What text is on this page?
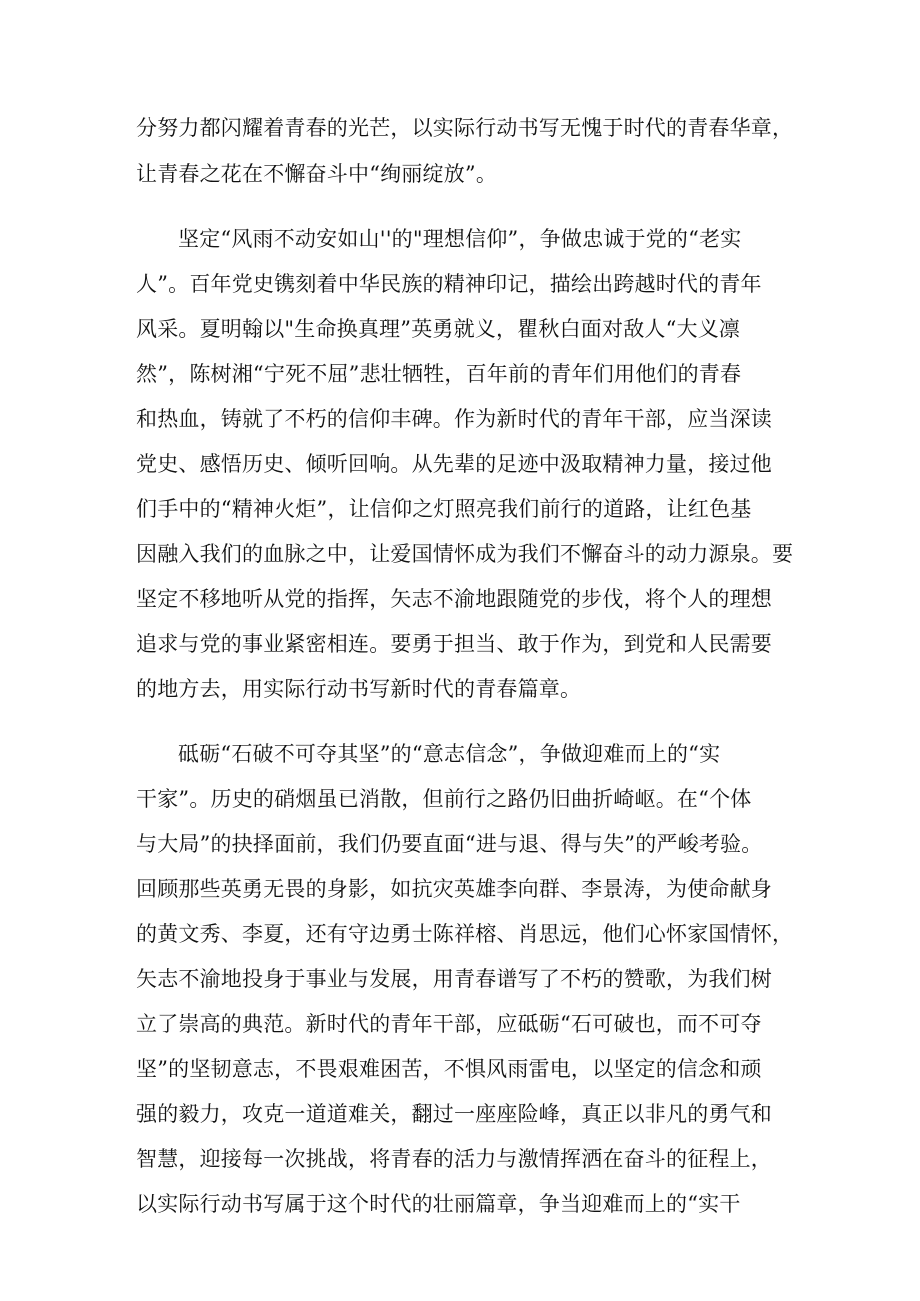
分努力都闪耀着青春的光芒，以实际行动书写无愧于时代的青春华章，
让青春之花在不懈奋斗中“绚丽绽放”。
坚定“风雨不动安如山''的"理想信仰”，争做忠诚于党的“老实
人”。百年党史镌刻着中华民族的精神印记，描绘出跨越时代的青年
风采。夏明翰以"生命换真理”英勇就义，瞿秋白面对敌人“大义凛
然”，陈树湘“宁死不屈”悲壮牺牲，百年前的青年们用他们的青春
和热血，铸就了不朽的信仰丰碑。作为新时代的青年干部，应当深读
党史、感悟历史、倾听回响。从先辈的足迹中汲取精神力量，接过他
们手中的“精神火炬”，让信仰之灯照亮我们前行的道路，让红色基
因融入我们的血脉之中，让爱国情怀成为我们不懈奋斗的动力源泉。要
坚定不移地听从党的指挥，矢志不渝地跟随党的步伐，将个人的理想
追求与党的事业紧密相连。要勇于担当、敢于作为，到党和人民需要
的地方去，用实际行动书写新时代的青春篇章。
砥砺“石破不可夺其坚”的“意志信念”，争做迎难而上的“实
干家”。历史的硝烟虽已消散，但前行之路仍旧曲折崎岖。在“个体
与大局”的抉择面前，我们仍要直面“进与退、得与失”的严峻考验。
回顾那些英勇无畏的身影，如抗灾英雄李向群、李景涛，为使命献身
的黄文秀、李夏，还有守边勇士陈祥榕、肖思远，他们心怀家国情怀，
矢志不渝地投身于事业与发展，用青春谱写了不朽的赞歌，为我们树
立了崇高的典范。新时代的青年干部，应砥砺“石可破也，而不可夺
坚”的坚韧意志，不畏艰难困苦，不惧风雨雷电，以坚定的信念和顽
强的毅力，攻克一道道难关，翻过一座座险峰，真正以非凡的勇气和
智慧，迎接每一次挑战，将青春的活力与激情挥洒在奋斗的征程上，
以实际行动书写属于这个时代的壮丽篇章，争当迎难而上的“实干
